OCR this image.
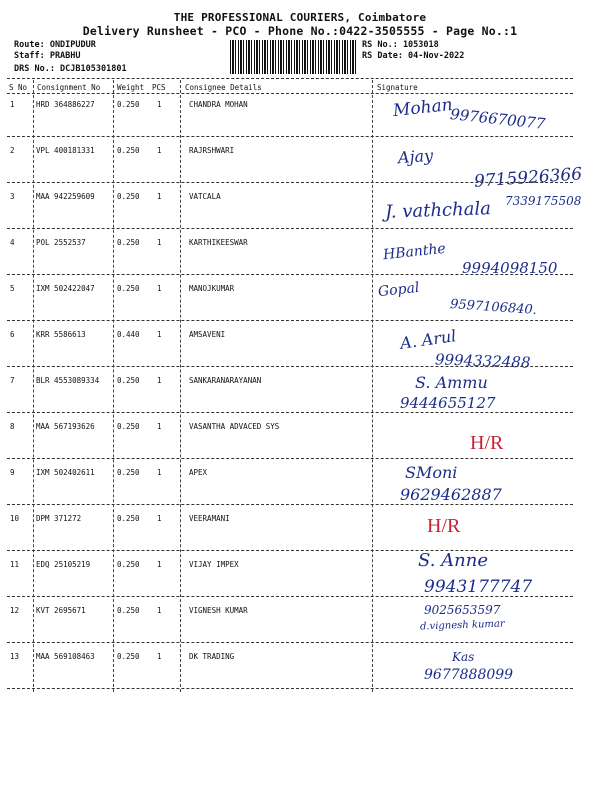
THE PROFESSIONAL COURIERS, Coimbatore
Delivery Runsheet - PCO - Phone No.:0422-3505555 - Page No.:1
Route: ONDIPUDUR
Staff: PRABHU
DRS No.: DCJB105301801
RS No.: 1053018
RS Date: 04-Nov-2022
S No Consignment No Weight PCS	Consignee Details	Signature
1	HRD 364886227	0.250 1	CHANDRA MOHAN	Mohan
9976670077
2	VPL 400181331	0.250 1	RAJRSHWARI	Ajay
9715926366
3	MAA 942259609	0.250 1	VATCALA
J. vathchala 7339175508
4	POL 2552537	0.250 1	KARTHIKEESWAR	HBanthe
9994098150
5	IXM 502422047	0.250 1	MANOJKUMAR	Gopal
9597106840.
6	KRR 5586613	0.440 1	AMSAVENI	A. Arul
9994332488
7	BLR 4553089334 0.250 1	SANKARANARAYANAN	S. Ammu
9444655127
8	MAA 567193626	0.250 1	VASANTHA ADVACED SYS
H/R
9	IXM 502402611	0.250 1	APEX	SMoni
9629462887
10 DPM 371272	0.250 1	VEERAMANI	H/R
11 EDQ 25105219	0.250 1	VIJAY IMPEX	S. Anne
9943177747
12 KVT 2695671	0.250 1	VIGNESH KUMAR
d.vignesh kumar
9025653597
13 MAA 569108463	0.250 1	DK TRADING	Kas
9677888099
